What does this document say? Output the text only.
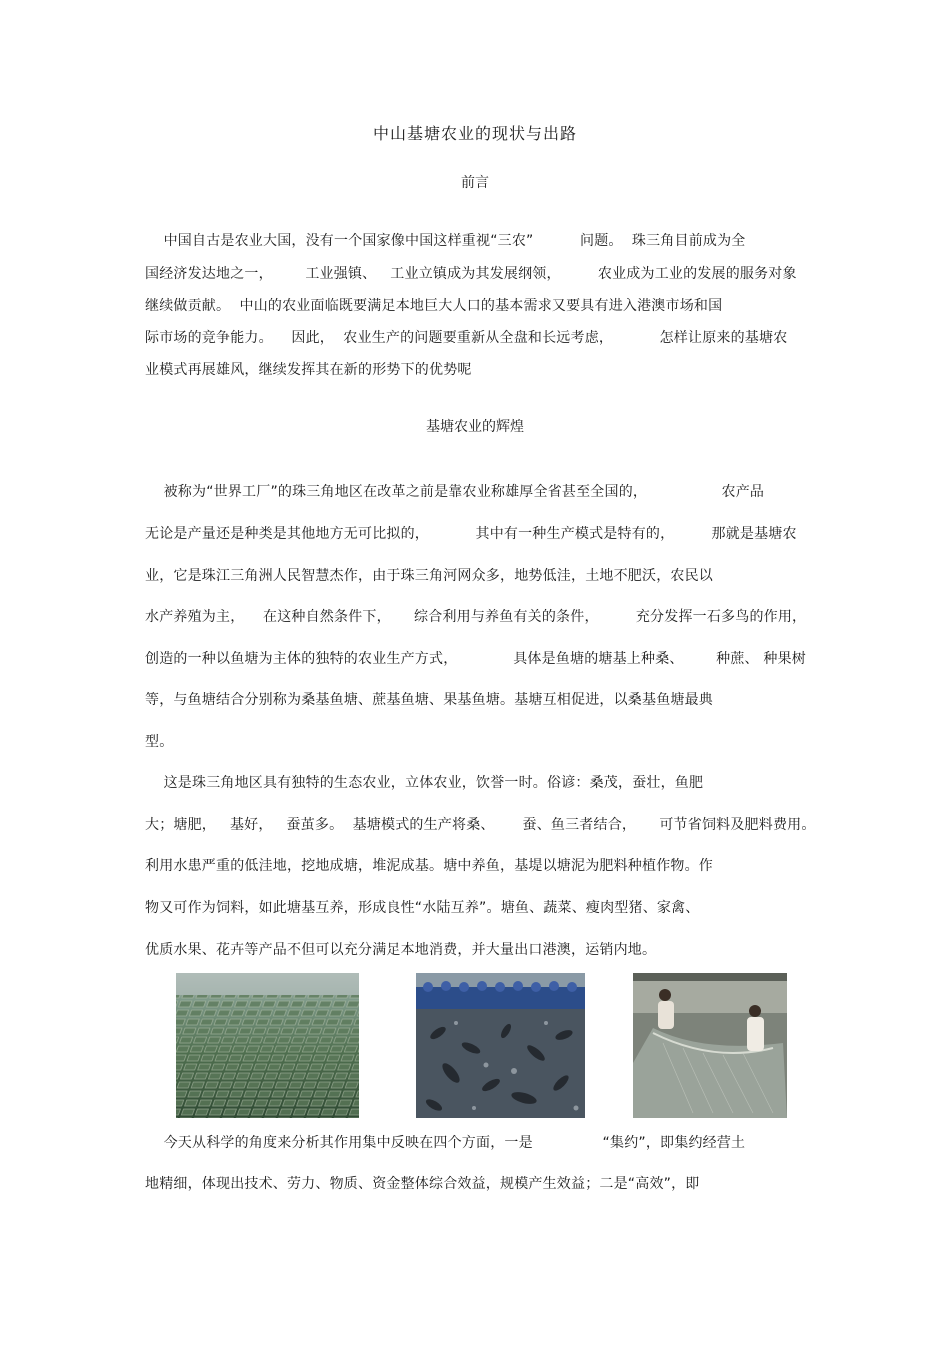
中山基塘农业的现状与出路
前言
中国自古是农业大国，没有一个国家像中国这样重视“三农”          问题。  珠三角目前成为全
国经济发达地之一，       工业强镇、   工业立镇成为其发展纲领，        农业成为工业的发展的服务对象
继续做贡献。  中山的农业面临既要满足本地巨大人口的基本需求又要具有进入港澳市场和国
际市场的竞争能力。    因此，  农业生产的问题要重新从全盘和长远考虑，          怎样让原来的基塘农
业模式再展雄风，继续发挥其在新的形势下的优势呢
基塘农业的辉煌
被称为“世界工厂”的珠三角地区在改革之前是靠农业称雄厚全省甚至全国的，                农产品
无论是产量还是种类是其他地方无可比拟的，          其中有一种生产模式是特有的，        那就是基塘农
业，它是珠江三角洲人民智慧杰作，由于珠三角河网众多，地势低洼，土地不肥沃，农民以
水产养殖为主，    在这种自然条件下，     综合利用与养鱼有关的条件，        充分发挥一石多鸟的作用，
创造的一种以鱼塘为主体的独特的农业生产方式，            具体是鱼塘的塘基上种桑、       种蔗、 种果树
等，与鱼塘结合分别称为桑基鱼塘、蔗基鱼塘、果基鱼塘。基塘互相促进，以桑基鱼塘最典
型。
这是珠三角地区具有独特的生态农业，立体农业，饮誉一时。俗谚：桑茂，蚕壮，鱼肥
大；塘肥，   基好，   蚕茧多。  基塘模式的生产将桑、      蚕、鱼三者结合，     可节省饲料及肥料费用。
利用水患严重的低洼地，挖地成塘，堆泥成基。塘中养鱼，基堤以塘泥为肥料种植作物。作
物又可作为饲料，如此塘基互养，形成良性“水陆互养”。塘鱼、蔬菜、瘦肉型猪、家禽、
优质水果、花卉等产品不但可以充分满足本地消费，并大量出口港澳，运销内地。
今天从科学的角度来分析其作用集中反映在四个方面，一是               “集约”，即集约经营土
地精细，体现出技术、劳力、物质、资金整体综合效益，规模产生效益；二是“高效”，即
